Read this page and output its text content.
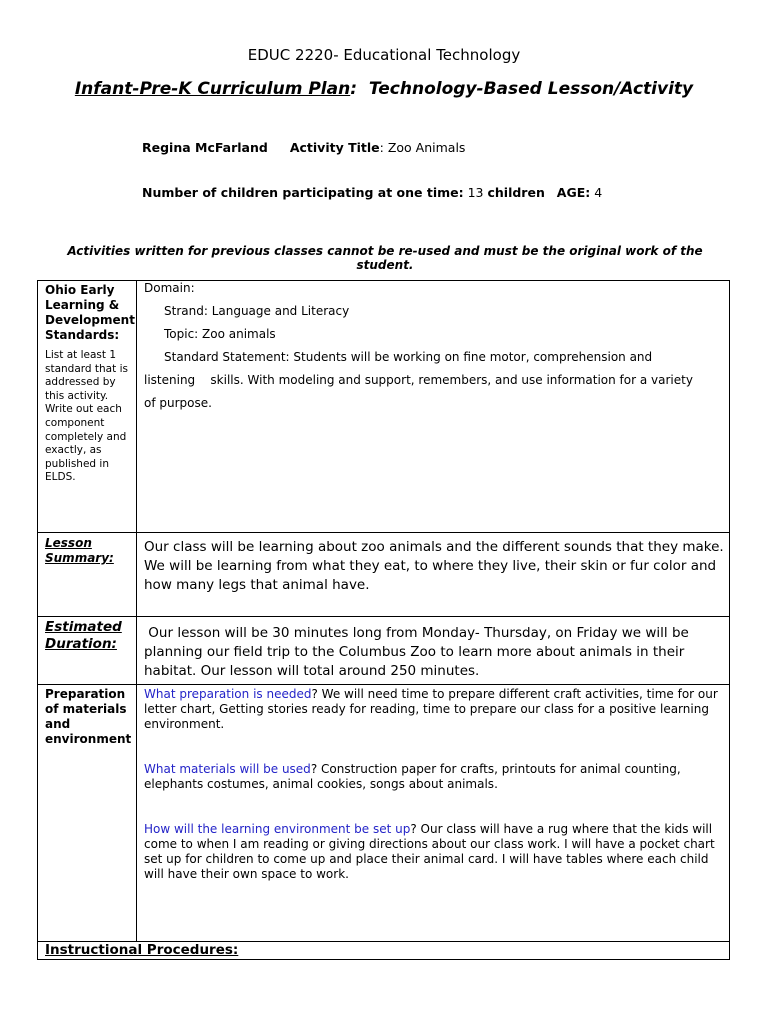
EDUC 2220- Educational Technology
Infant-Pre-K Curriculum Plan: Technology-Based Lesson/Activity
Regina McFarland Activity Title: Zoo Animals
Number of children participating at one time: 13 children AGE: 4
Activities written for previous classes cannot be re-used and must be the original work of the student.
Ohio Early Learning & Development Standards:
List at least 1 standard that is addressed by this activity. Write out each component completely and exactly, as published in ELDS.
Domain:
Strand: Language and Literacy
Topic: Zoo animals
Standard Statement: Students will be working on fine motor, comprehension and
listening    skills. With modeling and support, remembers, and use information for a variety
of purpose.
Lesson Summary:
Our class will be learning about zoo animals and the different sounds that they make. We will be learning from what they eat, to where they live, their skin or fur color and how many legs that animal have.
Estimated Duration:
Our lesson will be 30 minutes long from Monday- Thursday, on Friday we will be planning our field trip to the Columbus Zoo to learn more about animals in their habitat. Our lesson will total around 250 minutes.
Preparation of materials and environment
What preparation is needed? We will need time to prepare different craft activities, time for our letter chart, Getting stories ready for reading, time to prepare our class for a positive learning environment.
What materials will be used? Construction paper for crafts, printouts for animal counting, elephants costumes, animal cookies, songs about animals.
How will the learning environment be set up? Our class will have a rug where that the kids will come to when I am reading or giving directions about our class work. I will have a pocket chart set up for children to come up and place their animal card. I will have tables where each child will have their own space to work.
Instructional Procedures:
